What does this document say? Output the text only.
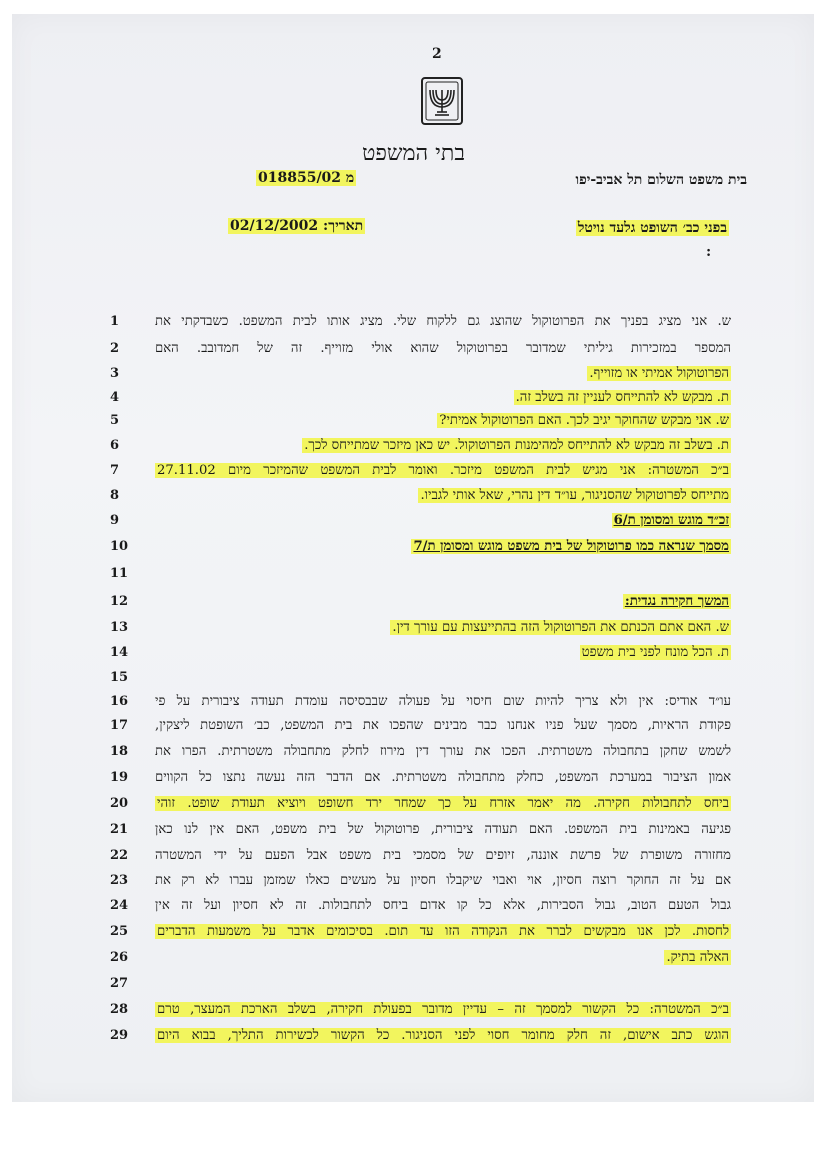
2
בתי המשפט
בית משפט השלום תל אביב-יפו
מ 018855/02
בפני כב׳ השופט גלעד נויטל
תאריך: 02/12/2002
:
1	ש. אני מציג בפניך את הפרוטוקול שהוצג גם ללקוח שלי. מציג אותו לבית המשפט. כשבדקתי את
2	המספר במזכירות גיליתי שמדובר בפרוטוקול שהוא אולי מזוייף. זה של חמדובב. האם
3	הפרוטוקול אמיתי או מזוייף.
4	ת. מבקש לא להתייחס לעניין זה בשלב זה.
5	ש. אני מבקש שהחוקר יגיב לכך. האם הפרוטוקול אמיתי?
6	ת. בשלב זה מבקש לא להתייחס למהימנות הפרוטוקול. יש כאן מיזכר שמתייחס לכך.
7	ב״כ המשטרה: אני מגיש לבית המשפט מיזכר. ואומר לבית המשפט שהמיזכר מיום 27.11.02
8	מתייחס לפרוטוקול שהסניגור, עו״ד דין נהרי, שאל אותי לגביו.
9	זכ״ד מוגש ומסומן ת/6
10	מסמך שנראה כמו פרוטוקול של בית משפט מוגש ומסומן ת/7
11
12	המשך חקירה נגדית:
13	ש. האם אתם הכנתם את הפרוטוקול הזה בהתייעצות עם עורך דין.
14	ת. הכל מונח לפני בית משפט
15
16	עו״ד אודיס: אין ולא צריך להיות שום חיסוי על פעולה שבבסיסה עומדת תעודה ציבורית על פי
17	פקודת הראיות, מסמך שעל פניו אנחנו כבר מבינים שהפכו את בית המשפט, כב׳ השופטת ליצקין,
18	לשמש שחקן בתחבולה משטרתית. הפכו את עורך דין מירוז לחלק מתחבולה משטרתית. הפרו את
19	אמון הציבור במערכת המשפט, כחלק מתחבולה משטרתית. אם הדבר הזה נעשה נתצו כל הקווים
20	ביחס לתחבולות חקירה. מה יאמר אזרח על כך שמחר ירד חשופט ויוציא תעודת שופט. זוהי
21	פגיעה באמינות בית המשפט. האם תעודה ציבורית, פרוטוקול של בית משפט, האם אין לנו כאן
22	מחזורה משופרת של פרשת אוננה, זיופים של מסמכי בית משפט אבל הפעם על ידי המשטרה
23	אם על זה החוקר רוצה חסיון, אוי ואבוי שיקבלו חסיון על מעשים כאלו שמזמן עברו לא רק את
24	גבול הטעם הטוב, גבול הסבירות, אלא כל קו אדום ביחס לתחבולות. זה לא חסיון ועל זה אין
25	לחסות. לכן אנו מבקשים לברר את הנקודה הזו עד תום. בסיכומים אדבר על משמעות הדברים
26	האלה בתיק.
27
28	ב״כ המשטרה: כל הקשור למסמך זה – עדיין מדובר בפעולת חקירה, בשלב הארכת המעצר, טרם
29	הוגש כתב אישום, זה חלק מחומר חסוי לפני הסניגור. כל הקשור לכשירות התליך, בבוא היום
